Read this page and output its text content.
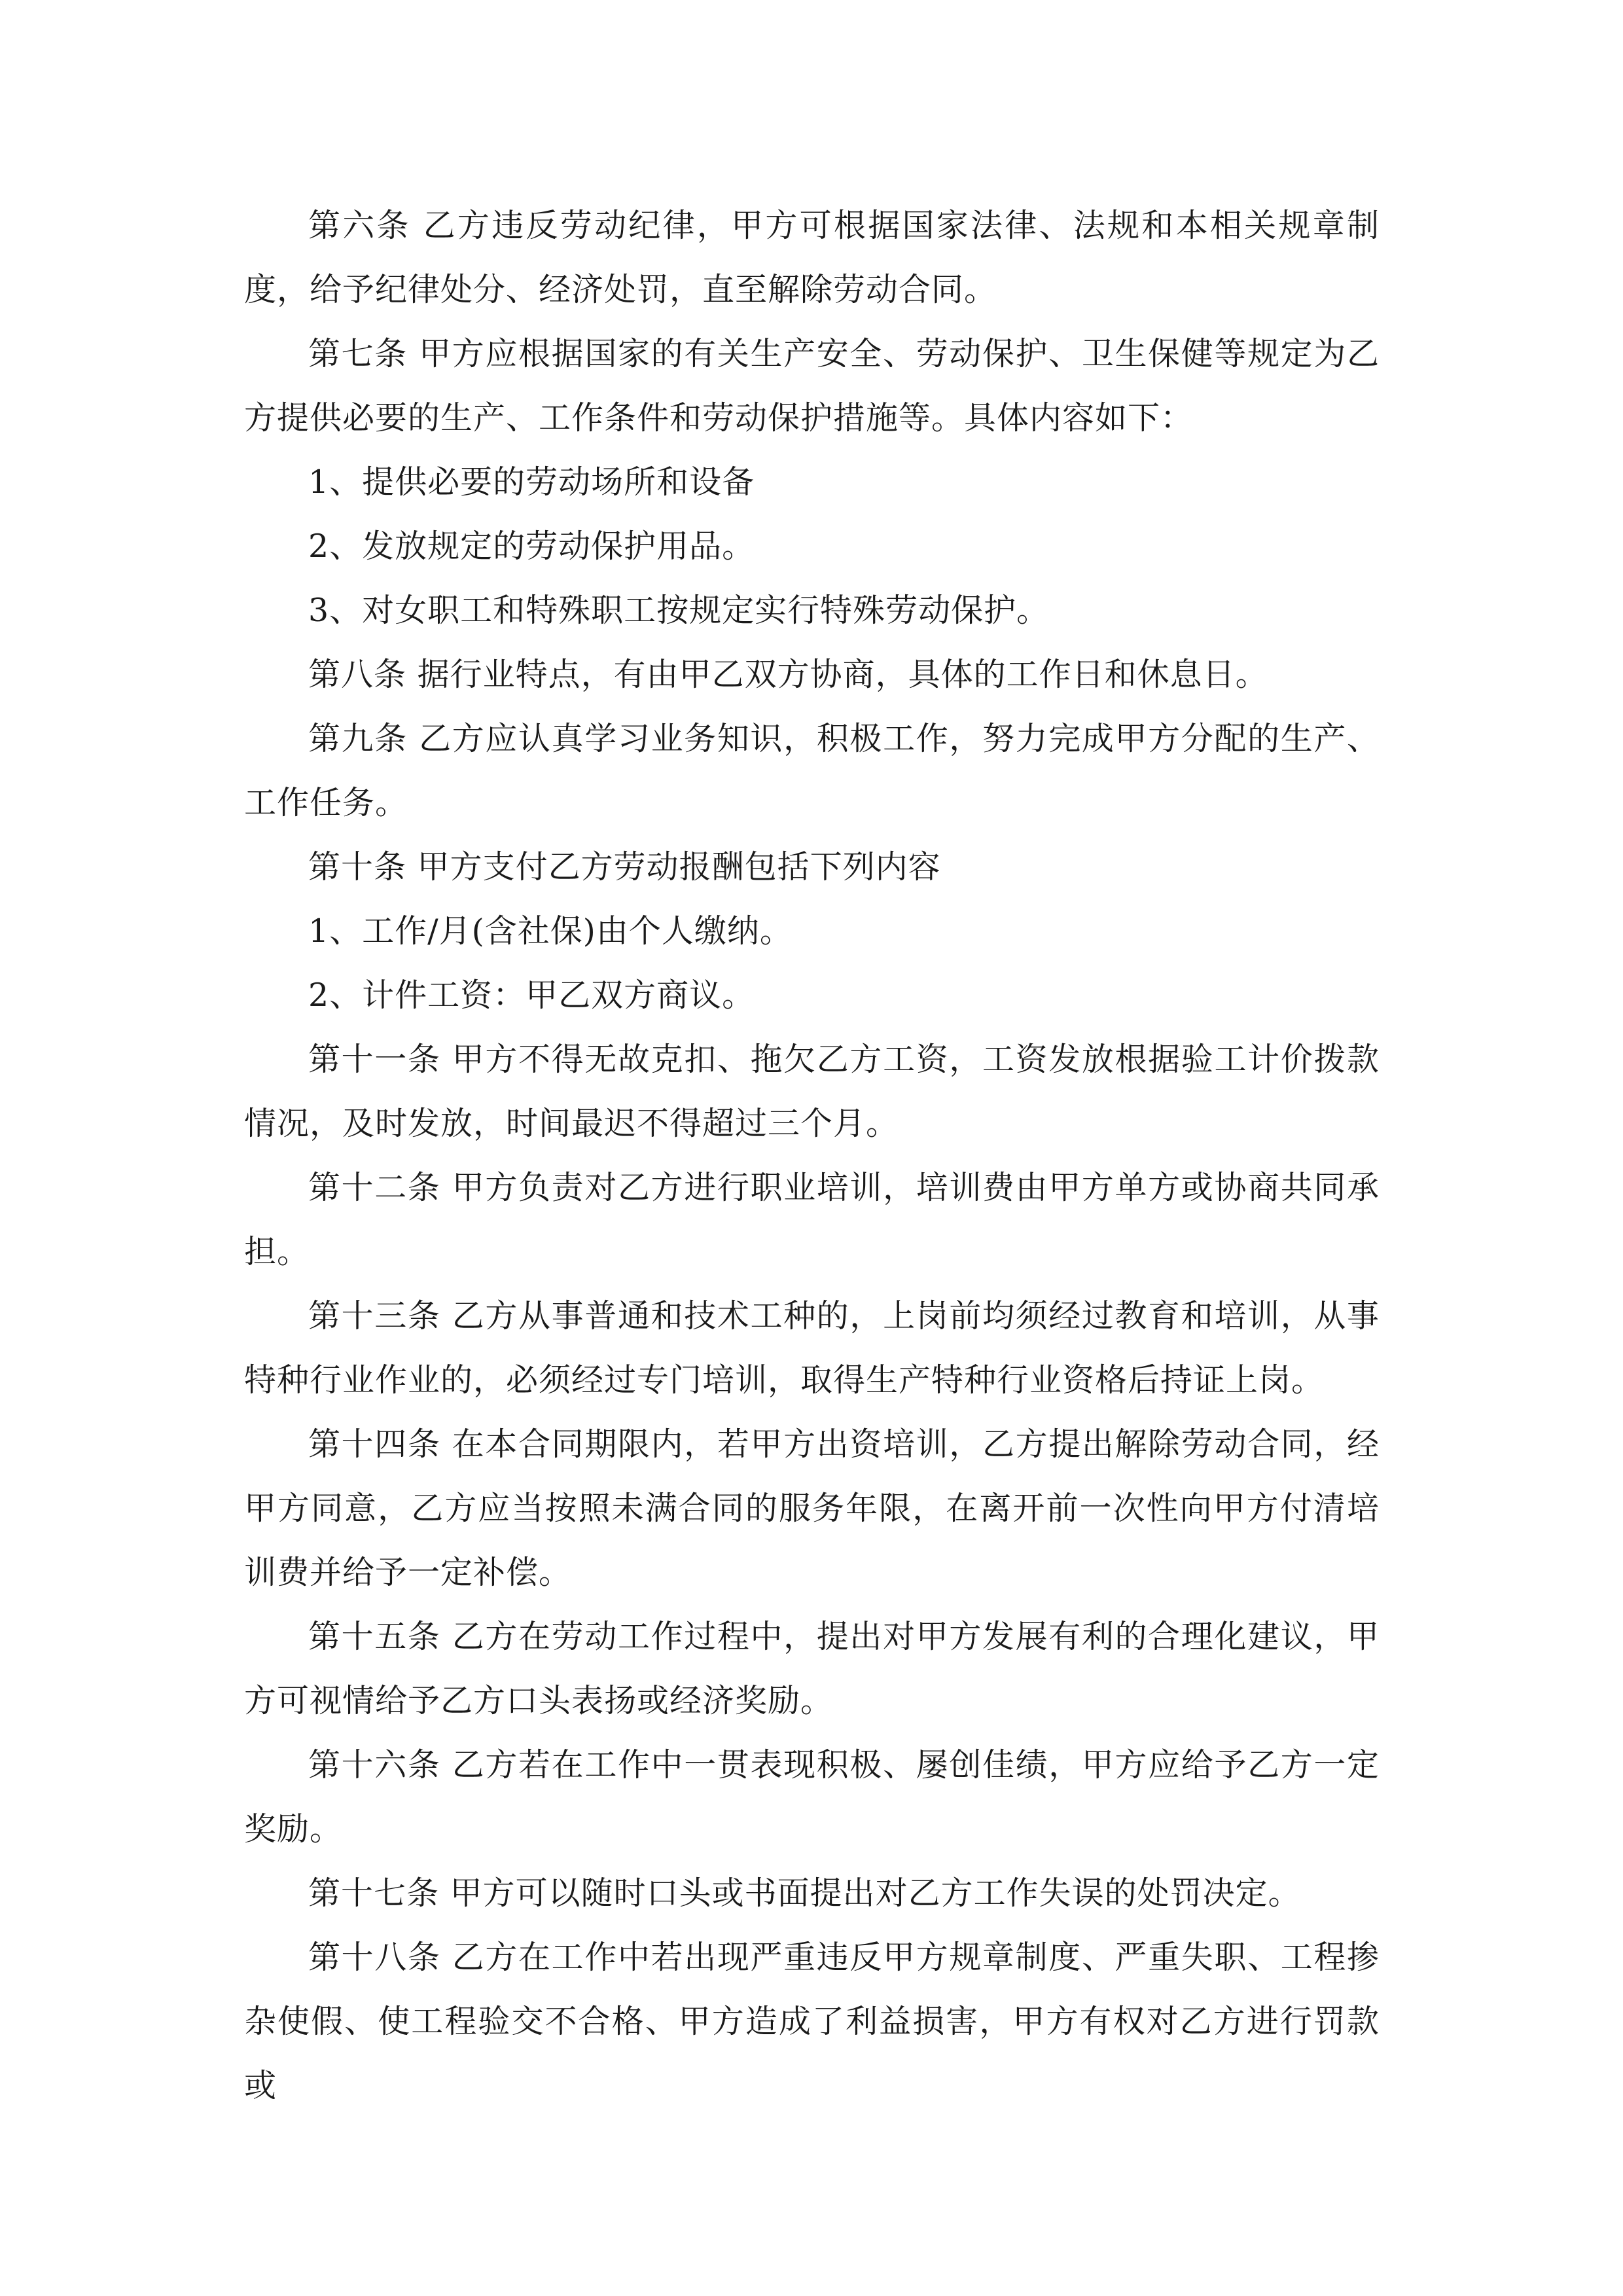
第六条 乙方违反劳动纪律，甲方可根据国家法律、法规和本相关规章制度，给予纪律处分、经济处罚，直至解除劳动合同。

第七条 甲方应根据国家的有关生产安全、劳动保护、卫生保健等规定为乙方提供必要的生产、工作条件和劳动保护措施等。具体内容如下：

1、提供必要的劳动场所和设备

2、发放规定的劳动保护用品。

3、对女职工和特殊职工按规定实行特殊劳动保护。

第八条 据行业特点，有由甲乙双方协商，具体的工作日和休息日。

第九条 乙方应认真学习业务知识，积极工作，努力完成甲方分配的生产、工作任务。

第十条 甲方支付乙方劳动报酬包括下列内容

1、工作/月(含社保)由个人缴纳。

2、计件工资：甲乙双方商议。

第十一条 甲方不得无故克扣、拖欠乙方工资，工资发放根据验工计价拨款情况，及时发放，时间最迟不得超过三个月。

第十二条 甲方负责对乙方进行职业培训，培训费由甲方单方或协商共同承担。

第十三条 乙方从事普通和技术工种的，上岗前均须经过教育和培训，从事特种行业作业的，必须经过专门培训，取得生产特种行业资格后持证上岗。

第十四条 在本合同期限内，若甲方出资培训，乙方提出解除劳动合同，经甲方同意，乙方应当按照未满合同的服务年限，在离开前一次性向甲方付清培训费并给予一定补偿。

第十五条 乙方在劳动工作过程中，提出对甲方发展有利的合理化建议，甲方可视情给予乙方口头表扬或经济奖励。

第十六条 乙方若在工作中一贯表现积极、屡创佳绩，甲方应给予乙方一定奖励。

第十七条 甲方可以随时口头或书面提出对乙方工作失误的处罚决定。

第十八条 乙方在工作中若出现严重违反甲方规章制度、严重失职、工程掺杂使假、使工程验交不合格、甲方造成了利益损害，甲方有权对乙方进行罚款或
